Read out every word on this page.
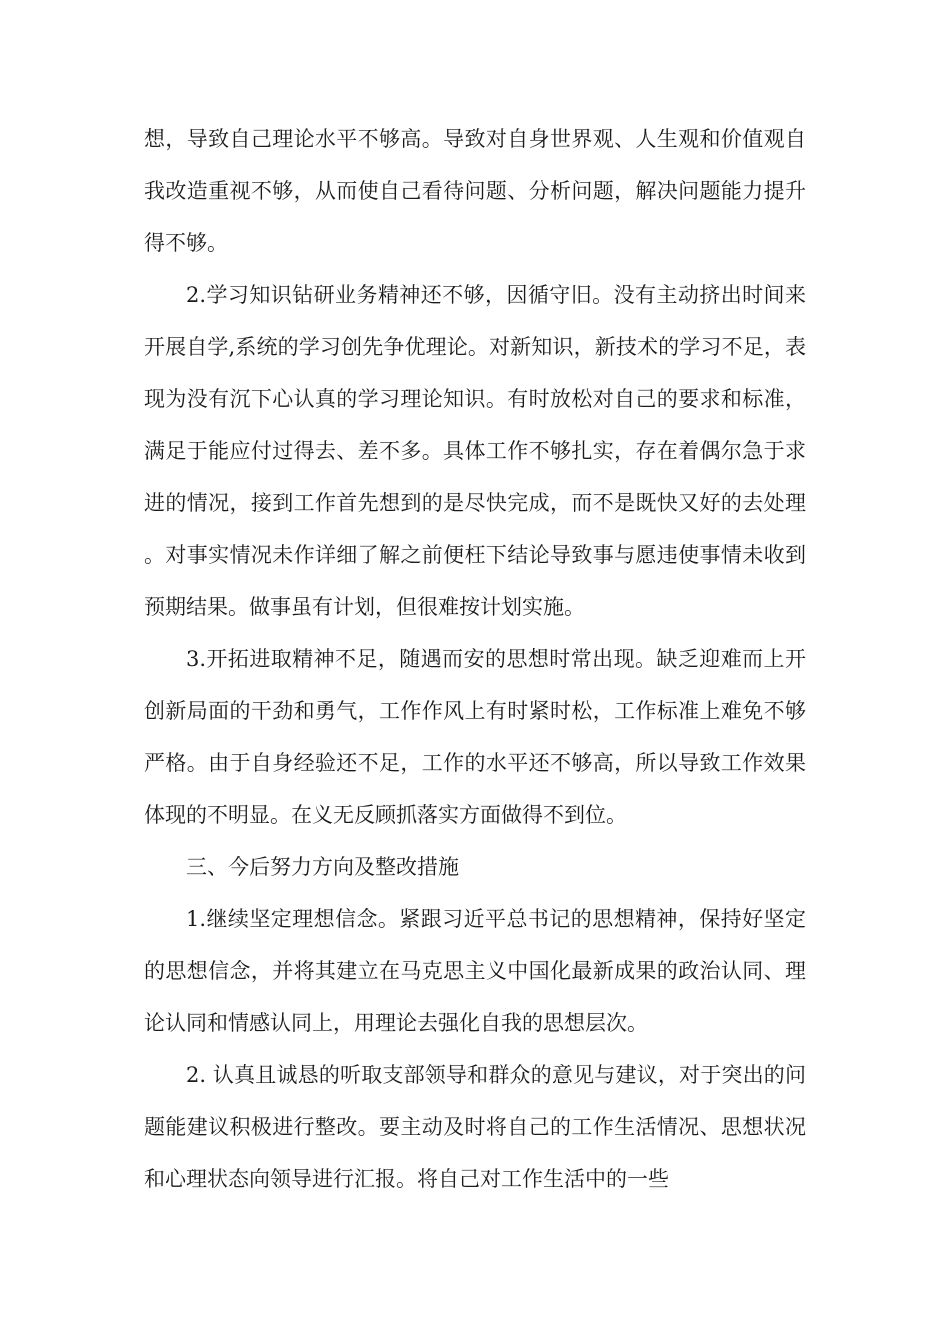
想，导致自己理论水平不够高。导致对自身世界观、人生观和价值观自我改造重视不够，从而使自己看待问题、分析问题，解决问题能力提升得不够。

2.学习知识钻研业务精神还不够，因循守旧。没有主动挤出时间来开展自学,系统的学习创先争优理论。对新知识，新技术的学习不足，表现为没有沉下心认真的学习理论知识。有时放松对自己的要求和标准，满足于能应付过得去、差不多。具体工作不够扎实，存在着偶尔急于求进的情况，接到工作首先想到的是尽快完成，而不是既快又好的去处理。对事实情况未作详细了解之前便枉下结论导致事与愿违使事情未收到预期结果。做事虽有计划，但很难按计划实施。

3.开拓进取精神不足，随遇而安的思想时常出现。缺乏迎难而上开创新局面的干劲和勇气，工作作风上有时紧时松，工作标准上难免不够严格。由于自身经验还不足，工作的水平还不够高，所以导致工作效果体现的不明显。在义无反顾抓落实方面做得不到位。

三、今后努力方向及整改措施

1.继续坚定理想信念。紧跟习近平总书记的思想精神，保持好坚定的思想信念，并将其建立在马克思主义中国化最新成果的政治认同、理论认同和情感认同上，用理论去强化自我的思想层次。

2. 认真且诚恳的听取支部领导和群众的意见与建议，对于突出的问题能建议积极进行整改。要主动及时将自己的工作生活情况、思想状况和心理状态向领导进行汇报。将自己对工作生活中的一些
